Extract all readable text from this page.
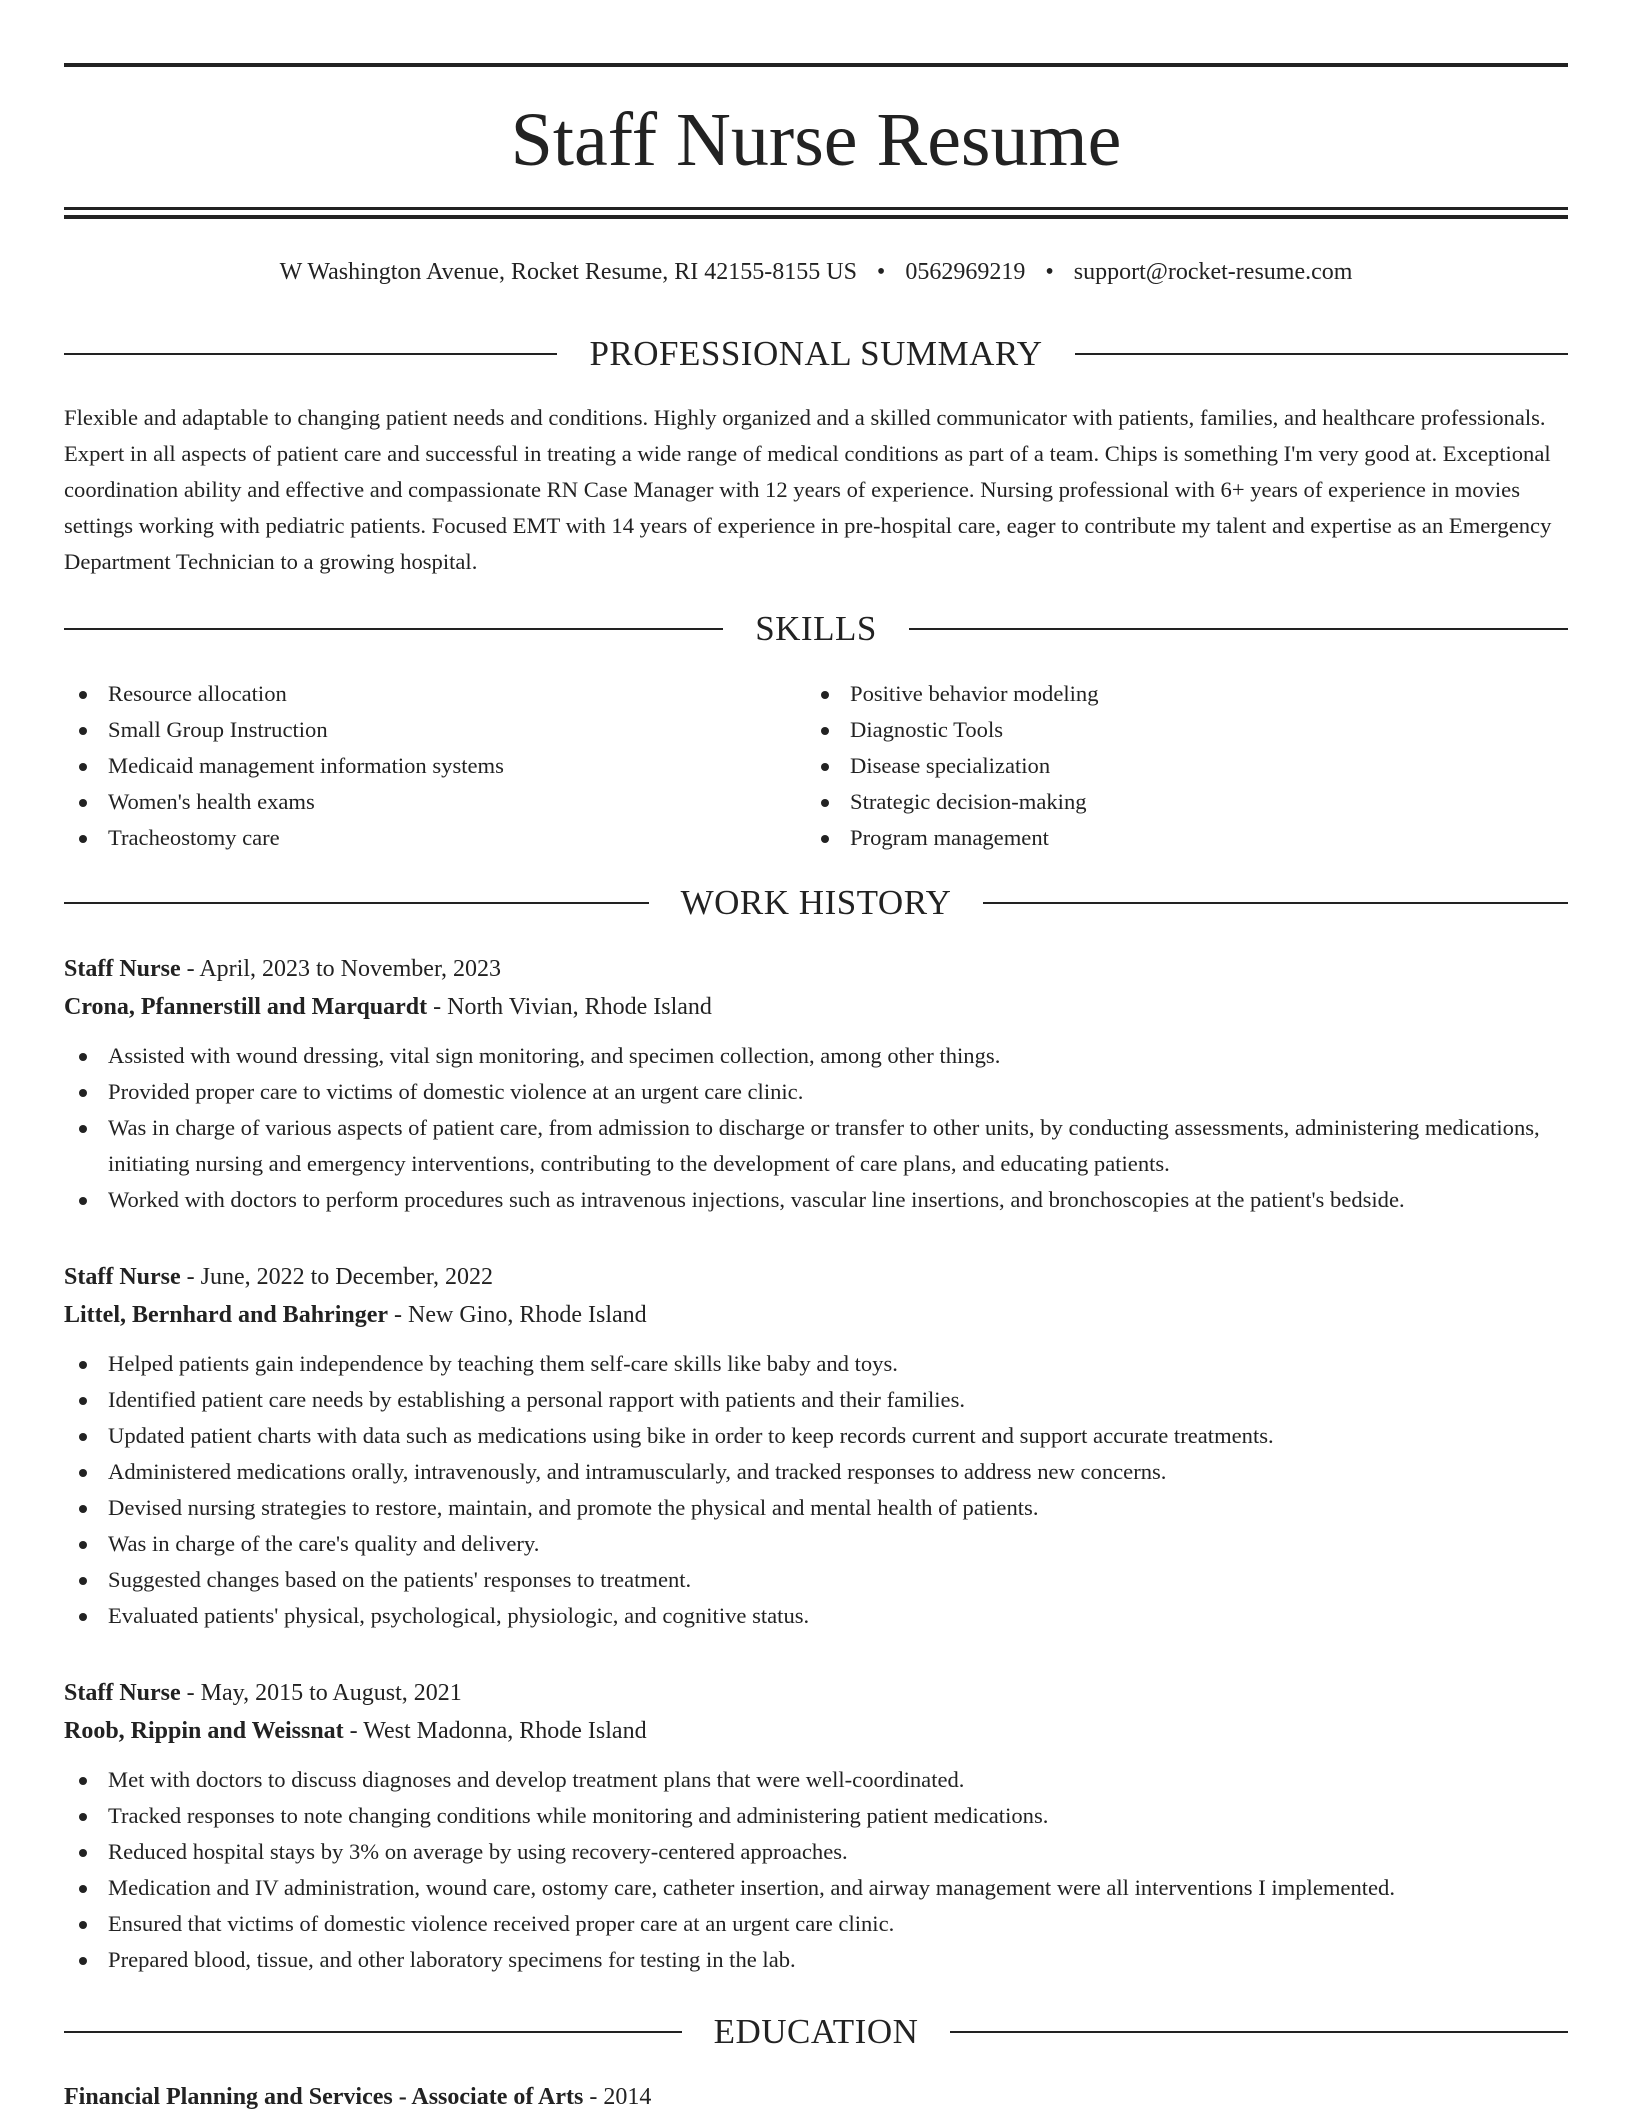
Staff Nurse Resume
W Washington Avenue, Rocket Resume, RI 42155-8155 US • 0562969219 • support@rocket-resume.com
PROFESSIONAL SUMMARY
Flexible and adaptable to changing patient needs and conditions. Highly organized and a skilled communicator with patients, families, and healthcare professionals. Expert in all aspects of patient care and successful in treating a wide range of medical conditions as part of a team. Chips is something I'm very good at. Exceptional coordination ability and effective and compassionate RN Case Manager with 12 years of experience. Nursing professional with 6+ years of experience in movies settings working with pediatric patients. Focused EMT with 14 years of experience in pre-hospital care, eager to contribute my talent and expertise as an Emergency Department Technician to a growing hospital.
SKILLS
Resource allocation
Small Group Instruction
Medicaid management information systems
Women's health exams
Tracheostomy care
Positive behavior modeling
Diagnostic Tools
Disease specialization
Strategic decision-making
Program management
WORK HISTORY
Staff Nurse - April, 2023 to November, 2023
Crona, Pfannerstill and Marquardt - North Vivian, Rhode Island
Assisted with wound dressing, vital sign monitoring, and specimen collection, among other things.
Provided proper care to victims of domestic violence at an urgent care clinic.
Was in charge of various aspects of patient care, from admission to discharge or transfer to other units, by conducting assessments, administering medications, initiating nursing and emergency interventions, contributing to the development of care plans, and educating patients.
Worked with doctors to perform procedures such as intravenous injections, vascular line insertions, and bronchoscopies at the patient's bedside.
Staff Nurse - June, 2022 to December, 2022
Littel, Bernhard and Bahringer - New Gino, Rhode Island
Helped patients gain independence by teaching them self-care skills like baby and toys.
Identified patient care needs by establishing a personal rapport with patients and their families.
Updated patient charts with data such as medications using bike in order to keep records current and support accurate treatments.
Administered medications orally, intravenously, and intramuscularly, and tracked responses to address new concerns.
Devised nursing strategies to restore, maintain, and promote the physical and mental health of patients.
Was in charge of the care's quality and delivery.
Suggested changes based on the patients' responses to treatment.
Evaluated patients' physical, psychological, physiologic, and cognitive status.
Staff Nurse - May, 2015 to August, 2021
Roob, Rippin and Weissnat - West Madonna, Rhode Island
Met with doctors to discuss diagnoses and develop treatment plans that were well-coordinated.
Tracked responses to note changing conditions while monitoring and administering patient medications.
Reduced hospital stays by 3% on average by using recovery-centered approaches.
Medication and IV administration, wound care, ostomy care, catheter insertion, and airway management were all interventions I implemented.
Ensured that victims of domestic violence received proper care at an urgent care clinic.
Prepared blood, tissue, and other laboratory specimens for testing in the lab.
EDUCATION
Financial Planning and Services - Associate of Arts - 2014
